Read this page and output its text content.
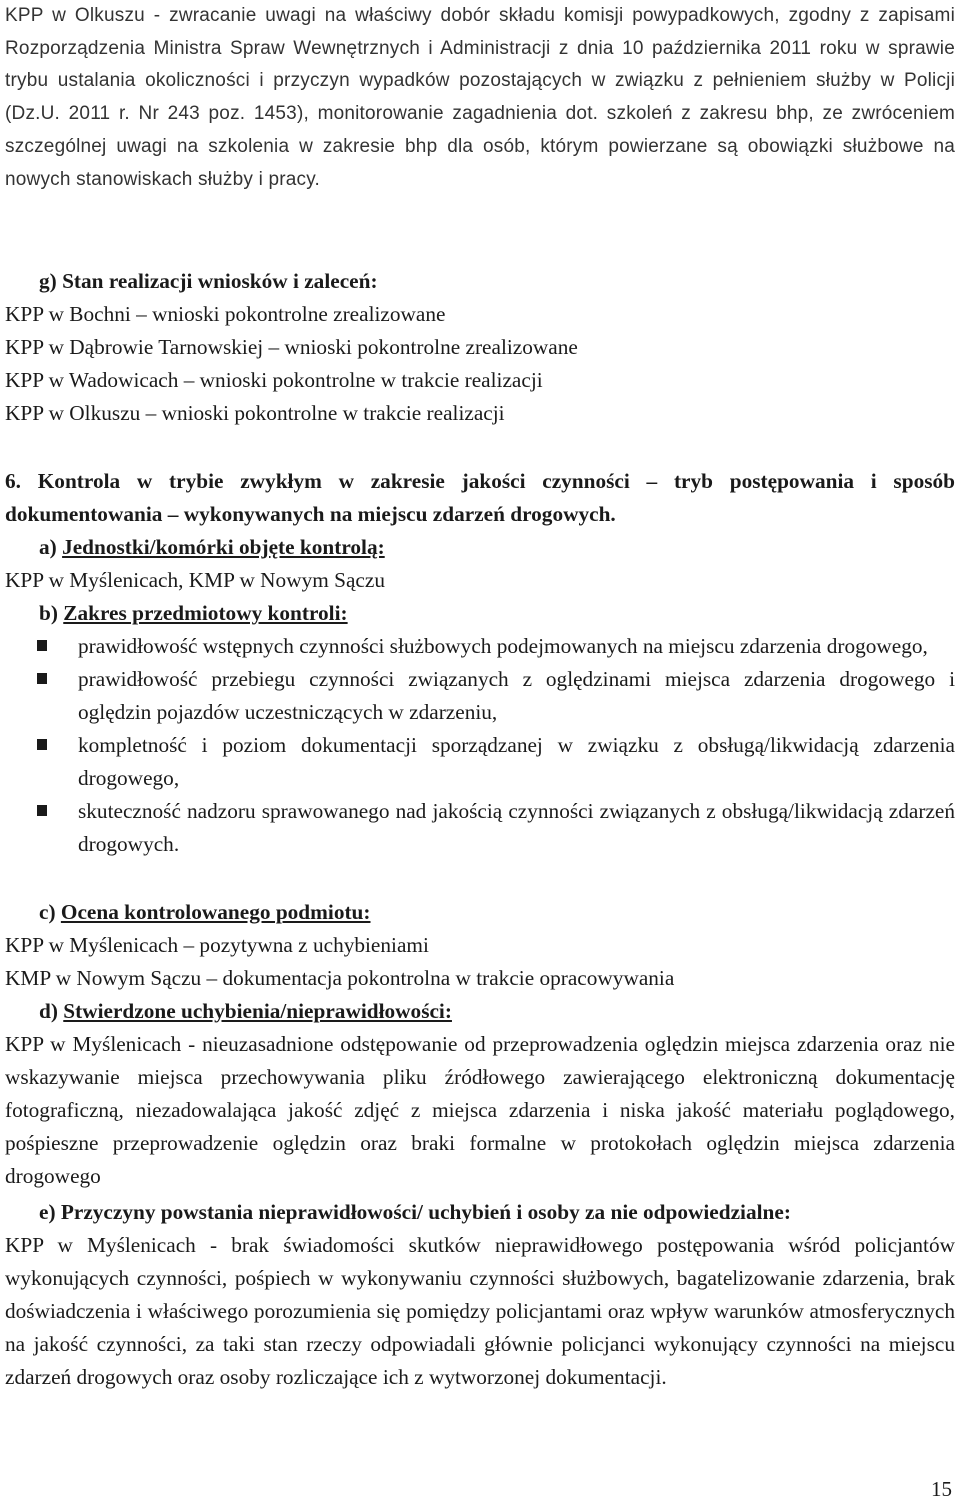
KPP w Olkuszu - zwracanie uwagi na właściwy dobór składu komisji powypadkowych, zgodny z zapisami Rozporządzenia Ministra Spraw Wewnętrznych i Administracji z dnia 10 października 2011 roku w sprawie trybu ustalania okoliczności i przyczyn wypadków pozostających w związku z pełnieniem służby w Policji (Dz.U. 2011 r. Nr 243 poz. 1453), monitorowanie zagadnienia dot. szkoleń z zakresu bhp, ze zwróceniem szczególnej uwagi na szkolenia w zakresie bhp dla osób, którym powierzane są obowiązki służbowe na nowych stanowiskach służby i pracy.

g) Stan realizacji wniosków i zaleceń:

KPP w Bochni – wnioski pokontrolne zrealizowane

KPP w Dąbrowie Tarnowskiej – wnioski pokontrolne zrealizowane

KPP w Wadowicach – wnioski pokontrolne w trakcie realizacji

KPP w Olkuszu – wnioski pokontrolne w trakcie realizacji

6. Kontrola w trybie zwykłym w zakresie jakości czynności – tryb postępowania i sposób dokumentowania – wykonywanych na miejscu zdarzeń drogowych.

a) Jednostki/komórki objęte kontrolą:

KPP w Myślenicach, KMP w Nowym Sączu

b) Zakres przedmiotowy kontroli:

prawidłowość wstępnych czynności służbowych podejmowanych na miejscu zdarzenia drogowego,
prawidłowość przebiegu czynności związanych z oględzinami miejsca zdarzenia drogowego i oględzin pojazdów uczestniczących w zdarzeniu,
kompletność i poziom dokumentacji sporządzanej w związku z obsługą/likwidacją zdarzenia drogowego,
skuteczność nadzoru sprawowanego nad jakością czynności związanych z obsługą/likwidacją zdarzeń drogowych.

c) Ocena kontrolowanego podmiotu:

KPP w Myślenicach – pozytywna z uchybieniami

KMP w Nowym Sączu – dokumentacja pokontrolna w trakcie opracowywania

d) Stwierdzone uchybienia/nieprawidłowości:

KPP w Myślenicach - nieuzasadnione odstępowanie od przeprowadzenia oględzin miejsca zdarzenia oraz nie wskazywanie miejsca przechowywania pliku źródłowego zawierającego elektroniczną dokumentację fotograficzną, niezadowalająca jakość zdjęć z miejsca zdarzenia i niska jakość materiału poglądowego, pośpieszne przeprowadzenie oględzin oraz braki formalne w protokołach oględzin miejsca zdarzenia drogowego

e) Przyczyny powstania nieprawidłowości/ uchybień i osoby za nie odpowiedzialne:

KPP w Myślenicach - brak świadomości skutków nieprawidłowego postępowania wśród policjantów wykonujących czynności, pośpiech w wykonywaniu czynności służbowych, bagatelizowanie zdarzenia, brak doświadczenia i właściwego porozumienia się pomiędzy policjantami oraz wpływ warunków atmosferycznych na jakość czynności, za taki stan rzeczy odpowiadali głównie policjanci wykonujący czynności na miejscu zdarzeń drogowych oraz osoby rozliczające ich z wytworzonej dokumentacji.

15
